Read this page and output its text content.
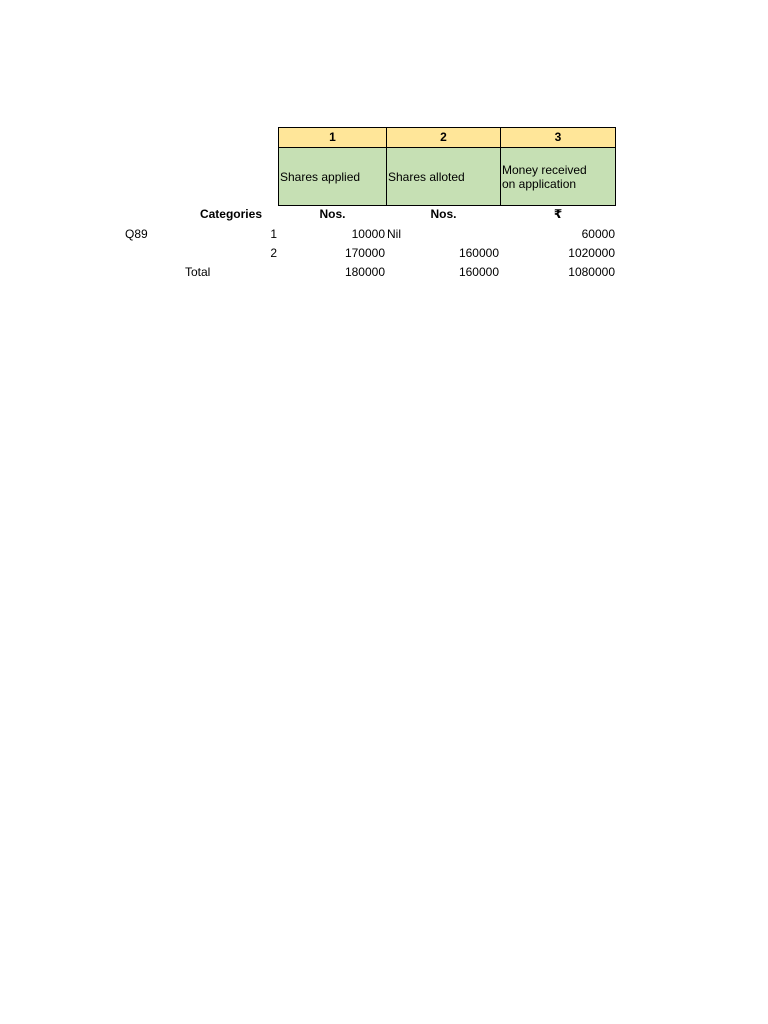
1	2	3
Shares applied	Shares alloted	Money received on application
Categories	Nos.	Nos.	₹
Q89	1	10000 Nil	60000
2	170000	160000	1020000
Total	180000	160000	1080000
